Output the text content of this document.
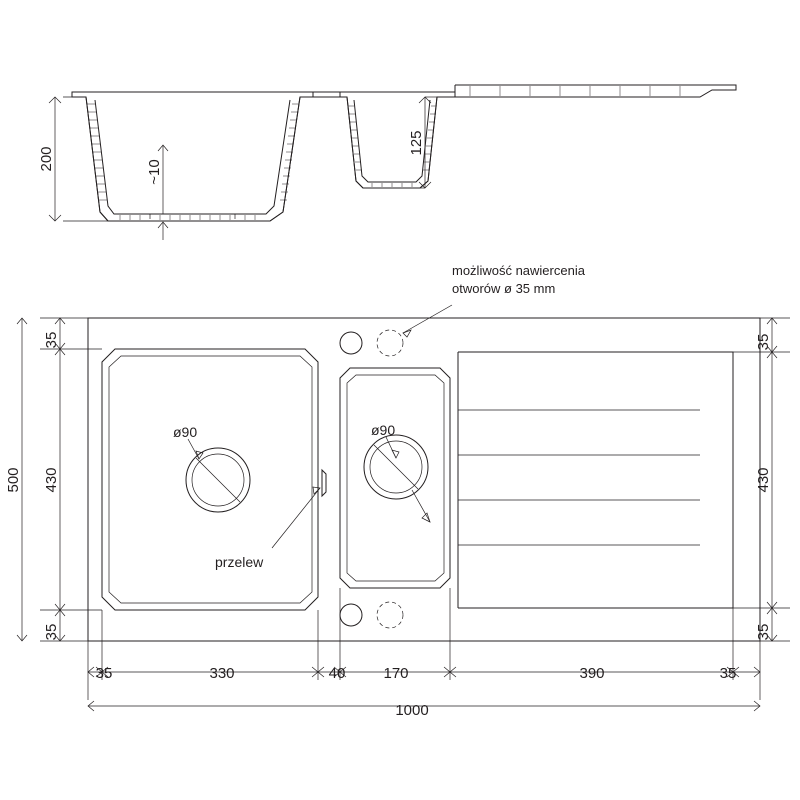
200
~10
125
500
35
430
35
35
430
35
35	330	40	170	390	35
1000
możliwość nawiercenia
otworów ø 35 mm
ø90	ø90
przelew
